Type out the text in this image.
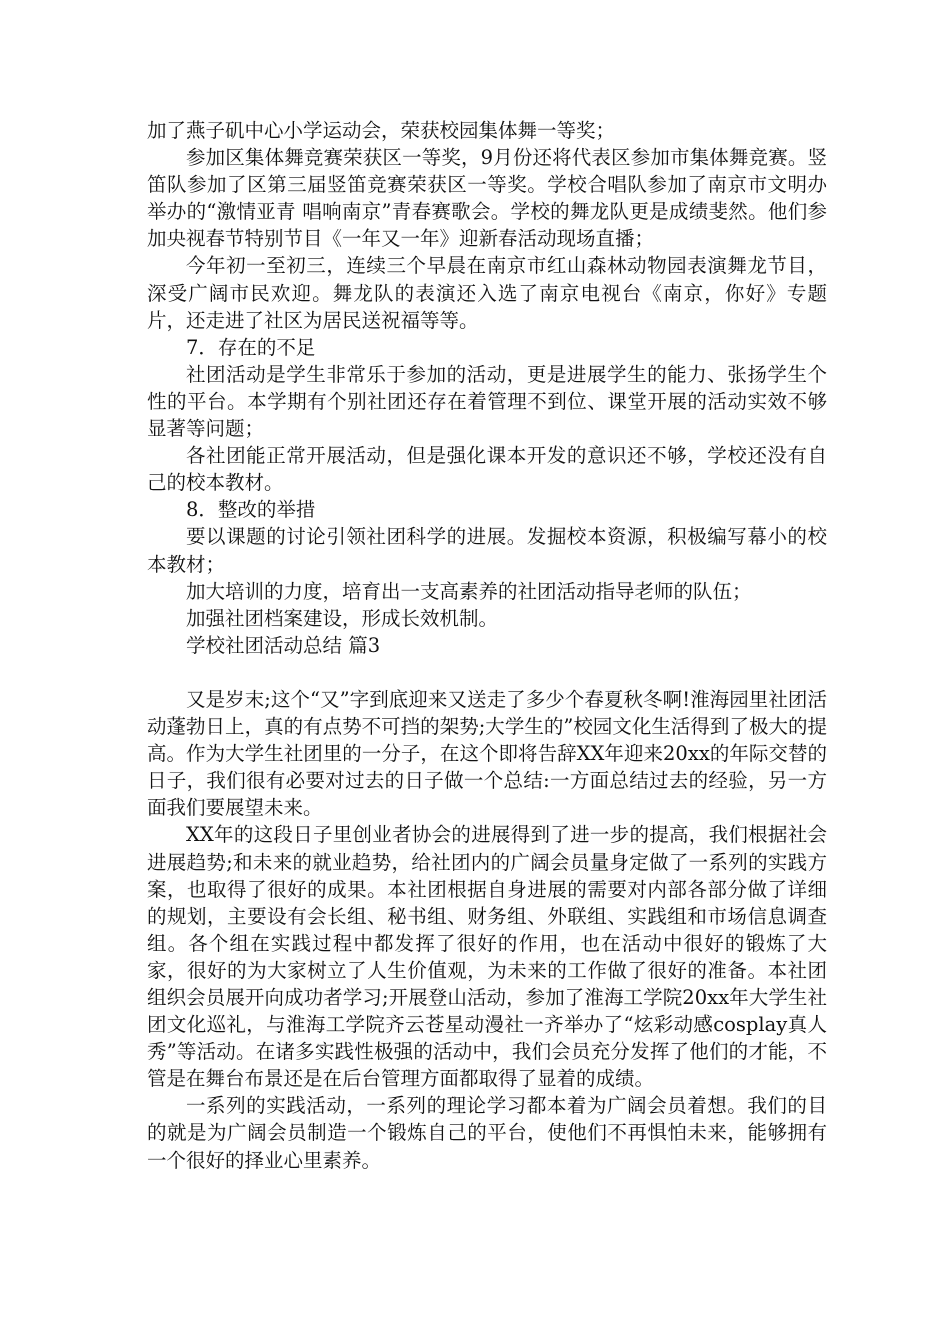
加了燕子矶中心小学运动会，荣获校园集体舞一等奖；

参加区集体舞竞赛荣获区一等奖，9月份还将代表区参加市集体舞竞赛。竖笛队参加了区第三届竖笛竞赛荣获区一等奖。学校合唱队参加了南京市文明办举办的“激情亚青 唱响南京”青春赛歌会。学校的舞龙队更是成绩斐然。他们参加央视春节特别节目《一年又一年》迎新春活动现场直播；

今年初一至初三，连续三个早晨在南京市红山森林动物园表演舞龙节目，深受广阔市民欢迎。舞龙队的表演还入选了南京电视台《南京，你好》专题片，还走进了社区为居民送祝福等等。

7．存在的不足

社团活动是学生非常乐于参加的活动，更是进展学生的能力、张扬学生个性的平台。本学期有个别社团还存在着管理不到位、课堂开展的活动实效不够显著等问题；

各社团能正常开展活动，但是强化课本开发的意识还不够，学校还没有自己的校本教材。

8．整改的举措

要以课题的讨论引领社团科学的进展。发掘校本资源，积极编写幕小的校本教材；

加大培训的力度，培育出一支高素养的社团活动指导老师的队伍；

加强社团档案建设，形成长效机制。

学校社团活动总结 篇3

又是岁末;这个“又”字到底迎来又送走了多少个春夏秋冬啊!淮海园里社团活动蓬勃日上，真的有点势不可挡的架势;大学生的”校园文化生活得到了极大的提高。作为大学生社团里的一分子，在这个即将告辞XX年迎来20xx的年际交替的日子，我们很有必要对过去的日子做一个总结:一方面总结过去的经验，另一方面我们要展望未来。

XX年的这段日子里创业者协会的进展得到了进一步的提高，我们根据社会进展趋势;和未来的就业趋势，给社团内的广阔会员量身定做了一系列的实践方案，也取得了很好的成果。本社团根据自身进展的需要对内部各部分做了详细的规划，主要设有会长组、秘书组、财务组、外联组、实践组和市场信息调查组。各个组在实践过程中都发挥了很好的作用，也在活动中很好的锻炼了大家，很好的为大家树立了人生价值观，为未来的工作做了很好的准备。本社团组织会员展开向成功者学习;开展登山活动，参加了淮海工学院20xx年大学生社团文化巡礼，与淮海工学院齐云苍星动漫社一齐举办了“炫彩动感cosplay真人秀”等活动。在诸多实践性极强的活动中，我们会员充分发挥了他们的才能，不管是在舞台布景还是在后台管理方面都取得了显着的成绩。

一系列的实践活动，一系列的理论学习都本着为广阔会员着想。我们的目的就是为广阔会员制造一个锻炼自己的平台，使他们不再惧怕未来，能够拥有一个很好的择业心里素养。
